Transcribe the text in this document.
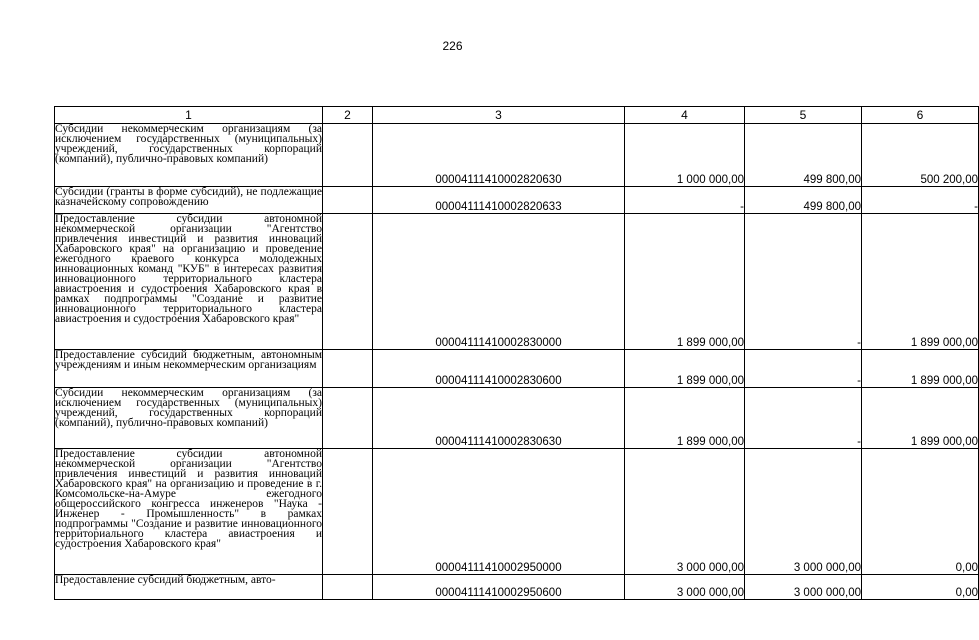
226
1	2	3	4	5	6
Субсидии некоммерческим организациям (за исключением государственных (муниципальных) учреждений, государственных корпораций (компаний), публично-правовых компаний)		00004111410002820630	1 000 000,00	499 800,00	500 200,00
Субсидии (гранты в форме субсидий), не подлежащие казначейскому сопровождению		00004111410002820633	-	499 800,00	-
Предоставление субсидии автономной некоммерческой организации "Агентство привлечения инвестиций и развития инноваций Хабаровского края" на организацию и проведение ежегодного краевого конкурса молодежных инновационных команд "КУБ" в интересах развития инновационного территориального кластера авиастроения и судостроения Хабаровского края в рамках подпрограммы "Создание и развитие инновационного территориального кластера авиастроения и судостроения Хабаровского края"		00004111410002830000	1 899 000,00	-	1 899 000,00
Предоставление субсидий бюджетным, автономным учреждениям и иным некоммерческим организациям		00004111410002830600	1 899 000,00	-	1 899 000,00
Субсидии некоммерческим организациям (за исключением государственных (муниципальных) учреждений, государственных корпораций (компаний), публично-правовых компаний)		00004111410002830630	1 899 000,00	-	1 899 000,00
Предоставление субсидии автономной некоммерческой организации "Агентство привлечения инвестиций и развития инноваций Хабаровского края" на организацию и проведение в г. Комсомольске-на-Амуре ежегодного общероссийского конгресса инженеров "Наука - Инженер - Промышленность" в рамках подпрограммы "Создание и развитие инновационного территориального кластера авиастроения и судостроения Хабаровского края"		00004111410002950000	3 000 000,00	3 000 000,00	0,00
Предоставление субсидий бюджетным, авто-		00004111410002950600	3 000 000,00	3 000 000,00	0,00
